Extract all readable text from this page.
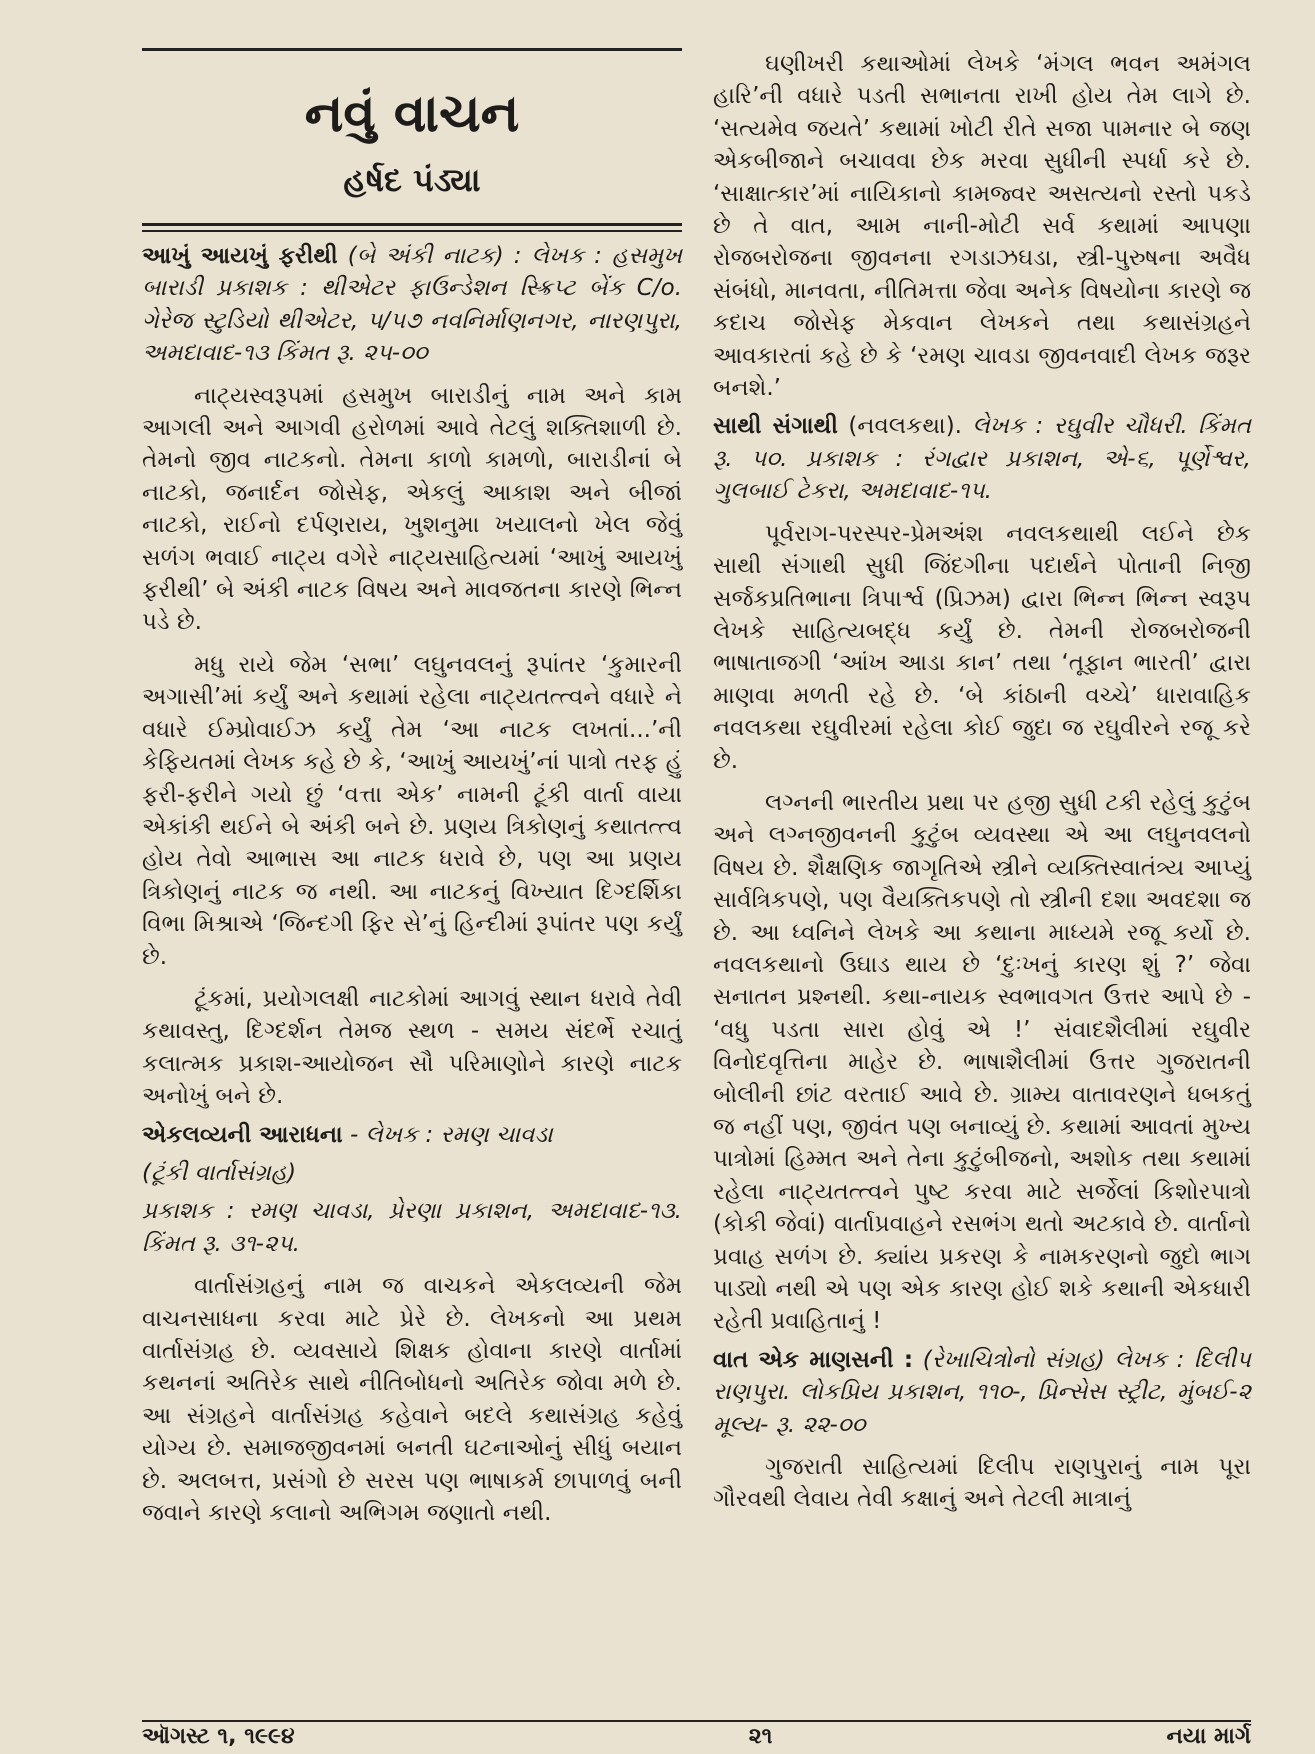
નવું વાચન
હર્ષદ પંડ્યા

આખું આયખું ફરીથી (બે અંકી નાટક) : લેખક : હસમુખ બારાડી પ્રકાશક : થીએટર ફાઉન્ડેશન સ્ક્રિપ્ટ બેંક C/o. ગેરેજ સ્ટુડિયો થીએટર, ૫/૫૭ નવનિર્માણનગર, નારણપુરા, અમદાવાદ-૧૩ કિંમત રૂ. ૨૫-૦૦

નાટ્યસ્વરૂપમાં હસમુખ બારાડીનું નામ અને કામ આગલી અને આગવી હરોળમાં આવે તેટલું શક્તિશાળી છે. તેમનો જીવ નાટકનો. તેમના કાળો કામળો, બારાડીનાં બે નાટકો, જનાર્દન જોસેફ, એકલું આકાશ અને બીજાં નાટકો, રાઈનો દર્પણરાય, ખુશનુમા ખયાલનો ખેલ જેવું સળંગ ભવાઈ નાટ્ય વગેરે નાટ્યસાહિત્યમાં ‘આખું આયખું ફરીથી’ બે અંકી નાટક વિષય અને માવજતના કારણે ભિન્ન પડે છે.

મધુ રાયે જેમ ‘સભા’ લઘુનવલનું રૂપાંતર ‘કુમારની અગાસી’માં કર્યું અને કથામાં રહેલા નાટ્યતત્ત્વને વધારે ને વધારે ઈમ્પ્રોવાઈઝ કર્યું તેમ ‘આ નાટક લખતાં...’ની કેફિયતમાં લેખક કહે છે કે, ‘આખું આયખું’નાં પાત્રો તરફ હું ફરી-ફરીને ગયો છું ‘વત્તા એક’ નામની ટૂંકી વાર્તા વાયા એકાંકી થઈને બે અંકી બને છે. પ્રણય ત્રિકોણનું કથાતત્ત્વ હોય તેવો આભાસ આ નાટક ધરાવે છે, પણ આ પ્રણય ત્રિકોણનું નાટક જ નથી. આ નાટકનું વિખ્યાત દિગ્દર્શિકા વિભા મિશ્રાએ ‘જિન્દગી ફિર સે’નું હિન્દીમાં રૂપાંતર પણ કર્યું છે.

ટૂંકમાં, પ્રયોગલક્ષી નાટકોમાં આગવું સ્થાન ધરાવે તેવી કથાવસ્તુ, દિગ્દર્શન તેમજ સ્થળ - સમય સંદર્ભે રચાતું કલાત્મક પ્રકાશ-આયોજન સૌ પરિમાણોને કારણે નાટક અનોખું બને છે.

એકલવ્યની આરાધના - લેખક : રમણ ચાવડા

(ટૂંકી વાર્તાસંગ્રહ)

પ્રકાશક : રમણ ચાવડા, પ્રેરણા પ્રકાશન, અમદાવાદ-૧૩. કિંમત રૂ. ૩૧-૨૫.

વાર્તાસંગ્રહનું નામ જ વાચકને એકલવ્યની જેમ વાચનસાધના કરવા માટે પ્રેરે છે. લેખકનો આ પ્રથમ વાર્તાસંગ્રહ છે. વ્યવસાયે શિક્ષક હોવાના કારણે વાર્તામાં કથનનાં અતિરેક સાથે નીતિબોધનો અતિરેક જોવા મળે છે. આ સંગ્રહને વાર્તાસંગ્રહ કહેવાને બદલે કથાસંગ્રહ કહેવું યોગ્ય છે. સમાજજીવનમાં બનતી ઘટનાઓનું સીધું બયાન છે. અલબત્ત, પ્રસંગો છે સરસ પણ ભાષાકર્મ છાપાળવું બની જવાને કારણે કલાનો અભિગમ જણાતો નથી.

ઘણીખરી કથાઓમાં લેખકે ‘મંગલ ભવન અમંગલ હારિ’ની વધારે પડતી સભાનતા રાખી હોય તેમ લાગે છે. ‘સત્યમેવ જયતે’ કથામાં ખોટી રીતે સજા પામનાર બે જણ એકબીજાને બચાવવા છેક મરવા સુધીની સ્પર્ધા કરે છે. ‘સાક્ષાત્કાર’માં નાયિકાનો કામજ્વર અસત્યનો રસ્તો પકડે છે તે વાત, આમ નાની-મોટી સર્વ કથામાં આપણા રોજબરોજના જીવનના રગડાઝઘડા, સ્ત્રી-પુરુષના અવૈધ સંબંધો, માનવતા, નીતિમત્તા જેવા અનેક વિષયોના કારણે જ કદાચ જોસેફ મેકવાન લેખકને તથા કથાસંગ્રહને આવકારતાં કહે છે કે ‘રમણ ચાવડા જીવનવાદી લેખક જરૂર બનશે.’

સાથી સંગાથી (નવલકથા). લેખક : રઘુવીર ચૌધરી. કિંમત રૂ. ૫૦. પ્રકાશક : રંગદ્વાર પ્રકાશન, એ-૬, પૂર્ણેશ્વર, ગુલબાઈ ટેકરા, અમદાવાદ-૧૫.

પૂર્વરાગ-પરસ્પર-પ્રેમઅંશ નવલકથાથી લઈને છેક સાથી સંગાથી સુધી જિંદગીના પદાર્થને પોતાની નિજી સર્જકપ્રતિભાના ત્રિપાર્શ્વ (પ્રિઝમ) દ્વારા ભિન્ન ભિન્ન સ્વરૂપ લેખકે સાહિત્યબદ્ધ કર્યું છે. તેમની રોજબરોજની ભાષાતાજગી ‘આંખ આડા કાન’ તથા ‘તૂફાન ભારતી’ દ્વારા માણવા મળતી રહે છે. ‘બે કાંઠાની વચ્ચે’ ધારાવાહિક નવલકથા રઘુવીરમાં રહેલા કોઈ જુદા જ રઘુવીરને રજૂ કરે છે.

લગ્નની ભારતીય પ્રથા પર હજી સુધી ટકી રહેલું કુટુંબ અને લગ્નજીવનની કુટુંબ વ્યવસ્થા એ આ લઘુનવલનો વિષય છે. શૈક્ષણિક જાગૃતિએ સ્ત્રીને વ્યક્તિસ્વાતંત્ર્ય આપ્યું સાર્વત્રિકપણે, પણ વૈયક્તિકપણે તો સ્ત્રીની દશા અવદશા જ છે. આ ધ્વનિને લેખકે આ કથાના માધ્યમે રજૂ કર્યો છે. નવલકથાનો ઉઘાડ થાય છે ‘દુઃખનું કારણ શું ?’ જેવા સનાતન પ્રશ્નથી. કથા-નાયક સ્વભાવગત ઉત્તર આપે છે - ‘વધુ પડતા સારા હોવું એ !’ સંવાદશૈલીમાં રઘુવીર વિનોદવૃત્તિના માહેર છે. ભાષાશૈલીમાં ઉત્તર ગુજરાતની બોલીની છાંટ વરતાઈ આવે છે. ગ્રામ્ય વાતાવરણને ધબકતું જ નહીં પણ, જીવંત પણ બનાવ્યું છે. કથામાં આવતાં મુખ્ય પાત્રોમાં હિમ્મત અને તેના કુટુંબીજનો, અશોક તથા કથામાં રહેલા નાટ્યતત્ત્વને પુષ્ટ કરવા માટે સર્જેલાં કિશોરપાત્રો (કોકી જેવાં) વાર્તાપ્રવાહને રસભંગ થતો અટકાવે છે. વાર્તાનો પ્રવાહ સળંગ છે. ક્યાંય પ્રકરણ કે નામકરણનો જુદો ભાગ પાડ્યો નથી એ પણ એક કારણ હોઈ શકે કથાની એકધારી રહેતી પ્રવાહિતાનું !

વાત એક માણસની : (રેખાચિત્રોનો સંગ્રહ) લેખક : દિલીપ રાણપુરા. લોકપ્રિય પ્રકાશન, ૧૧૦-, પ્રિન્સેસ સ્ટ્રીટ, મુંબઈ-૨ મૂલ્ય- રૂ. ૨૨-૦૦

ગુજરાતી સાહિત્યમાં દિલીપ રાણપુરાનું નામ પૂરા ગૌરવથી લેવાય તેવી કક્ષાનું અને તેટલી માત્રાનું

ઑગસ્ટ ૧, ૧૯૯૪	૨૧	નયા માર્ગ
